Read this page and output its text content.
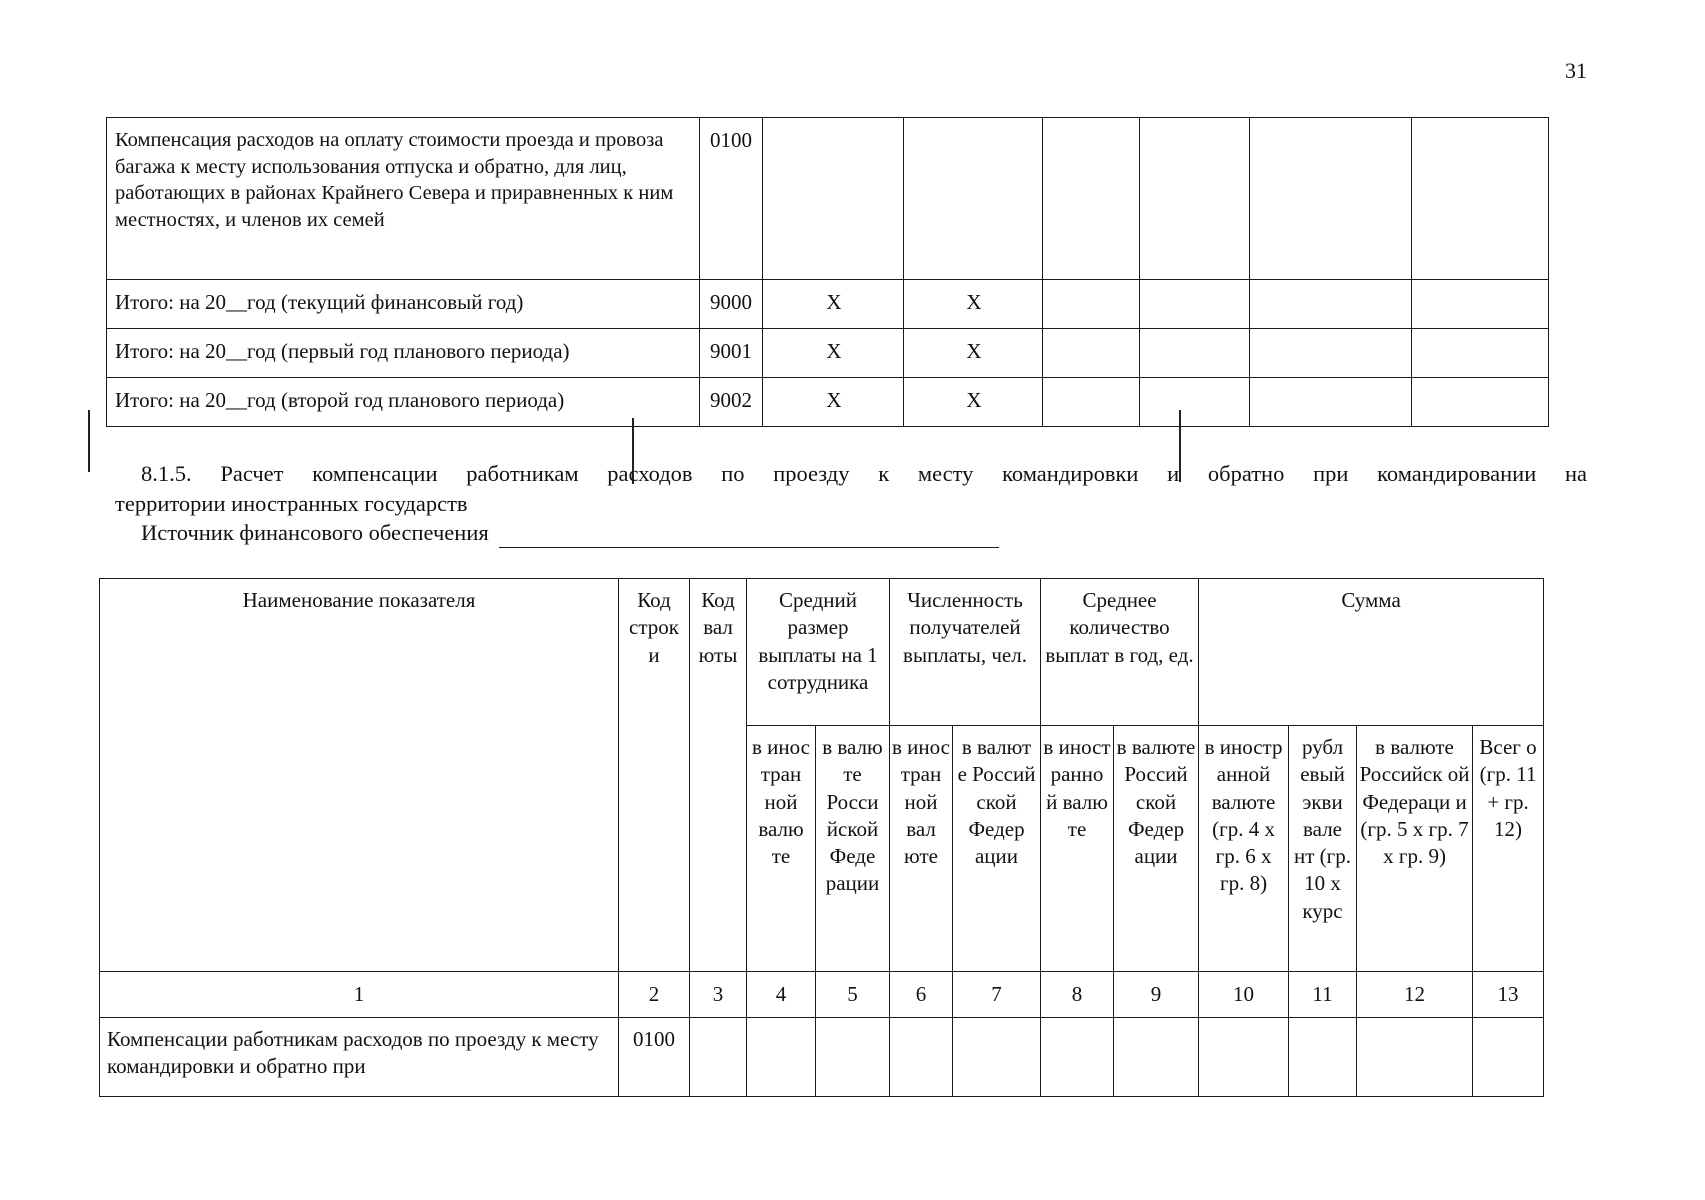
31
Компенсация расходов на оплату стоимости проезда и провоза багажа к месту использования отпуска и обратно, для лиц, работающих в районах Крайнего Севера и приравненных к ним местностях, и членов их семей	0100						
Итого: на 20__год (текущий финансовый год)	9000	X	X				
Итого: на 20__год (первый год планового периода)	9001	X	X				
Итого: на 20__год (второй год планового периода)	9002	X	X				
8.1.5. Расчет компенсации работникам расходов по проезду к месту командировки и обратно при командировании на
территории иностранных государств
Источник финансового обеспечения
Наименование показателя	Код строк и	Код вал юты	Средний размер выплаты на 1 сотрудника		Численность получателей выплаты, чел.		Среднее количество выплат в год, ед.		Сумма			
			в инос тран ной валю те	в валю те Росси йской Феде рации	в инос тран ной вал юте	в валют е Россий ской Федер ации	в иност ранно й валю те	в валюте Россий ской Федер ации	в иностр анной валюте (гр. 4 х гр. 6 х гр. 8)	рубл евый экви вале нт (гр. 10 х курс	в валюте Российск ой Федераци и (гр. 5 х гр. 7 х гр. 9)	Всег о (гр. 11 + гр. 12)
1	2	3	4	5	6	7	8	9	10	11	12	13
Компенсации работникам расходов по проезду к месту командировки и обратно при	0100											
